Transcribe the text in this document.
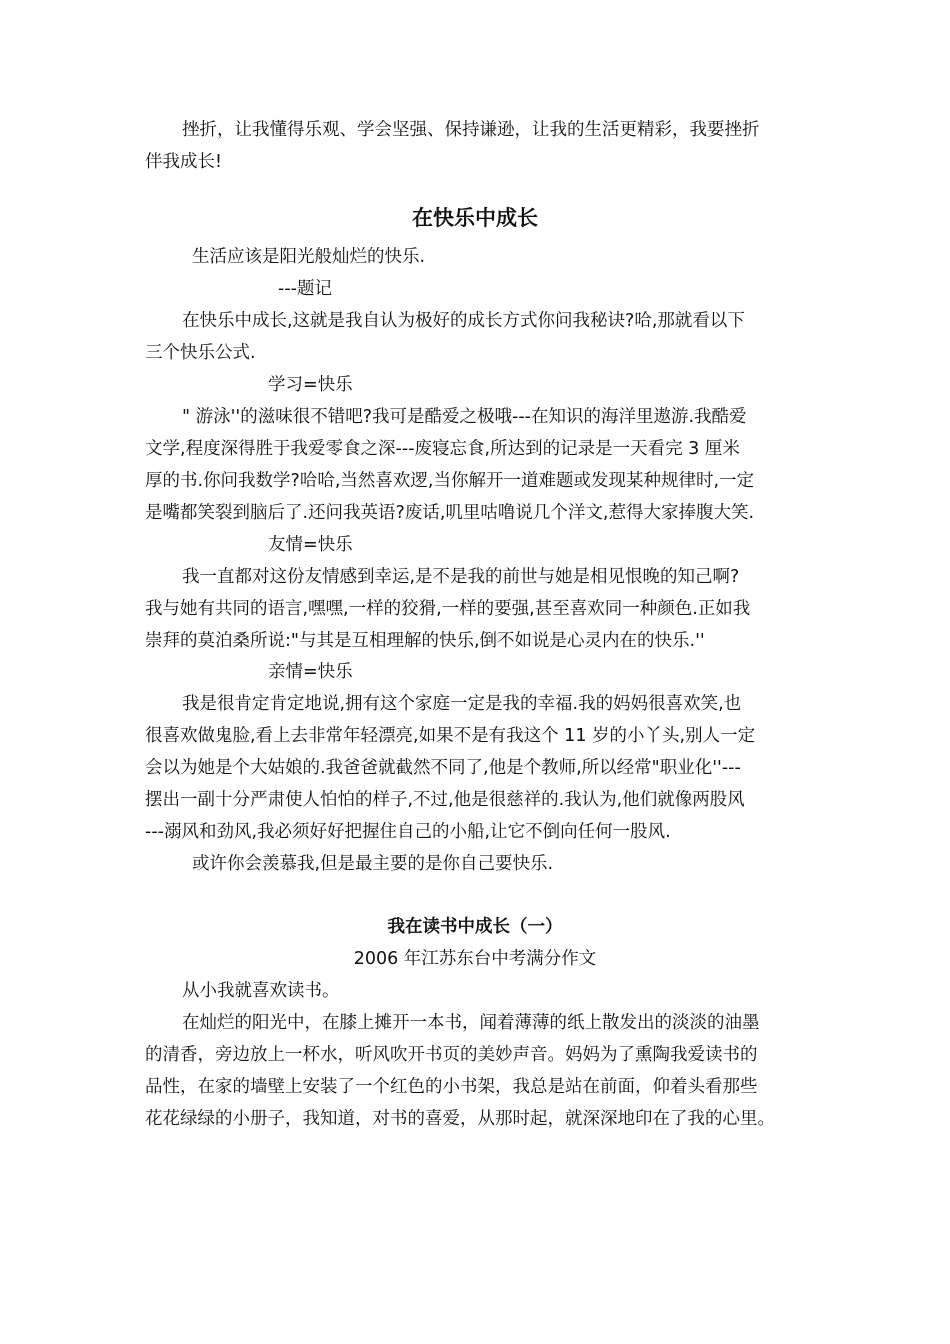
挫折，让我懂得乐观、学会坚强、保持谦逊，让我的生活更精彩，我要挫折
伴我成长!
在快乐中成长
生活应该是阳光般灿烂的快乐.
---题记
在快乐中成长,这就是我自认为极好的成长方式你问我秘诀?哈,那就看以下
三个快乐公式.
学习=快乐
" 游泳''的滋味很不错吧?我可是酷爱之极哦---在知识的海洋里遨游.我酷爱
文学,程度深得胜于我爱零食之深---废寝忘食,所达到的记录是一天看完 3 厘米
厚的书.你问我数学?哈哈,当然喜欢逻,当你解开一道难题或发现某种规律时,一定
是嘴都笑裂到脑后了.还问我英语?废话,叽里咕噜说几个洋文,惹得大家捧腹大笑.
友情=快乐
我一直都对这份友情感到幸运,是不是我的前世与她是相见恨晚的知己啊?
我与她有共同的语言,嘿嘿,一样的狡猾,一样的要强,甚至喜欢同一种颜色.正如我
崇拜的莫泊桑所说:"与其是互相理解的快乐,倒不如说是心灵内在的快乐.''
亲情=快乐
我是很肯定肯定地说,拥有这个家庭一定是我的幸福.我的妈妈很喜欢笑,也
很喜欢做鬼脸,看上去非常年轻漂亮,如果不是有我这个 11 岁的小丫头,别人一定
会以为她是个大姑娘的.我爸爸就截然不同了,他是个教师,所以经常"职业化''---
摆出一副十分严肃使人怕怕的样子,不过,他是很慈祥的.我认为,他们就像两股风
---溺风和劲风,我必须好好把握住自己的小船,让它不倒向任何一股风.
或许你会羡慕我,但是最主要的是你自己要快乐.
我在读书中成长（一）
2006 年江苏东台中考满分作文
从小我就喜欢读书。
在灿烂的阳光中，在膝上摊开一本书，闻着薄薄的纸上散发出的淡淡的油墨
的清香，旁边放上一杯水，听风吹开书页的美妙声音。妈妈为了熏陶我爱读书的
品性，在家的墙壁上安装了一个红色的小书架，我总是站在前面，仰着头看那些
花花绿绿的小册子，我知道，对书的喜爱，从那时起，就深深地印在了我的心里。
